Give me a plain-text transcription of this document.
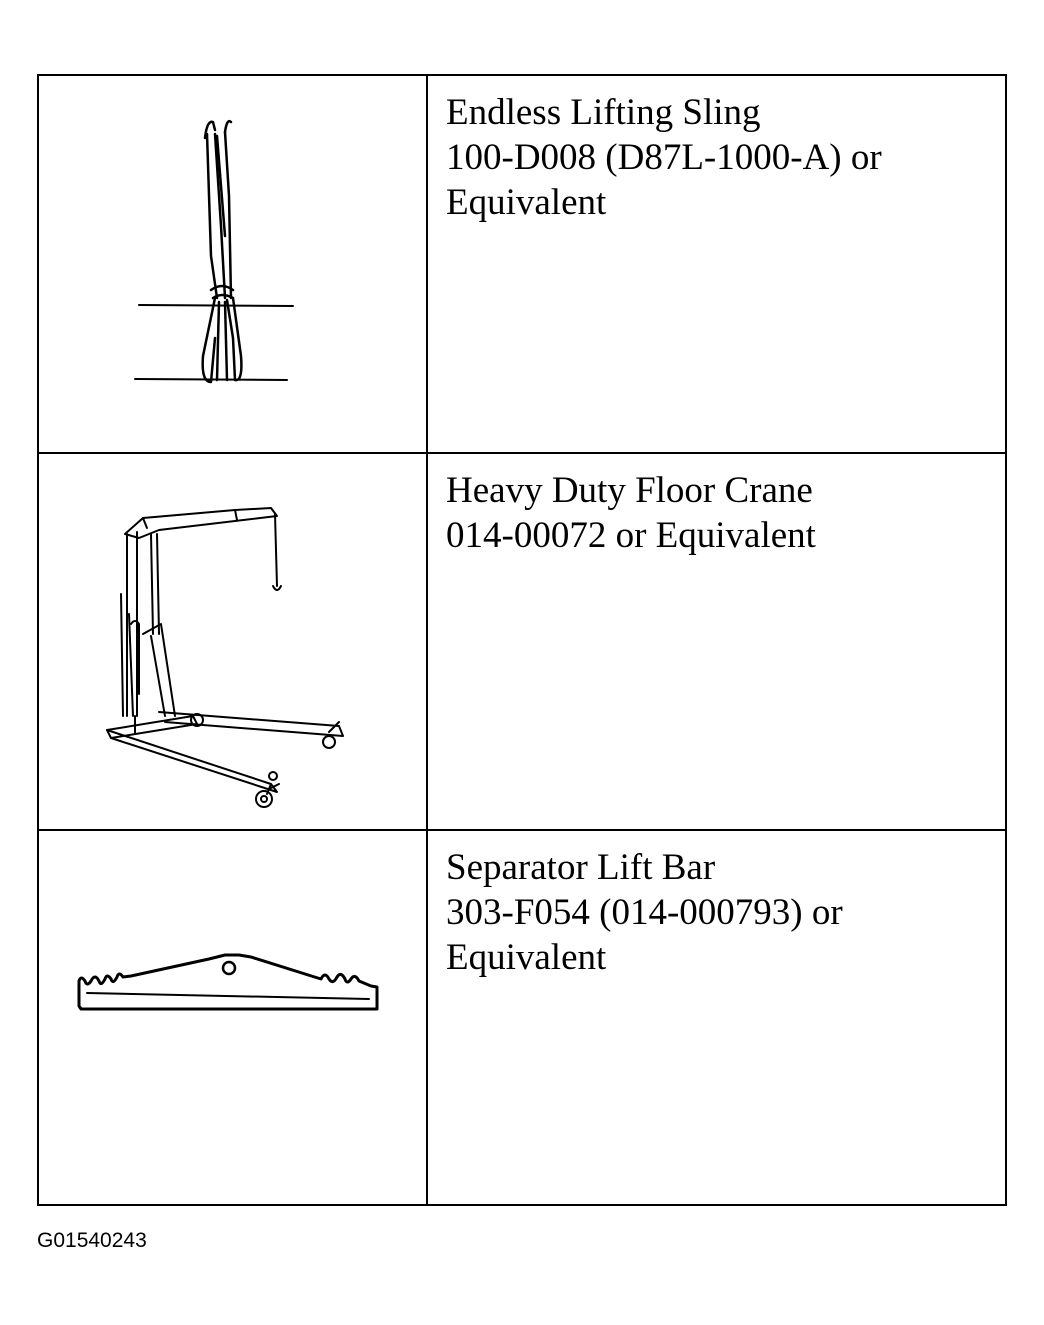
Endless Lifting Sling
100-D008 (D87L-1000-A) or
Equivalent
Heavy Duty Floor Crane
014-00072 or Equivalent
Separator Lift Bar
303-F054 (014-000793) or
Equivalent
G01540243
